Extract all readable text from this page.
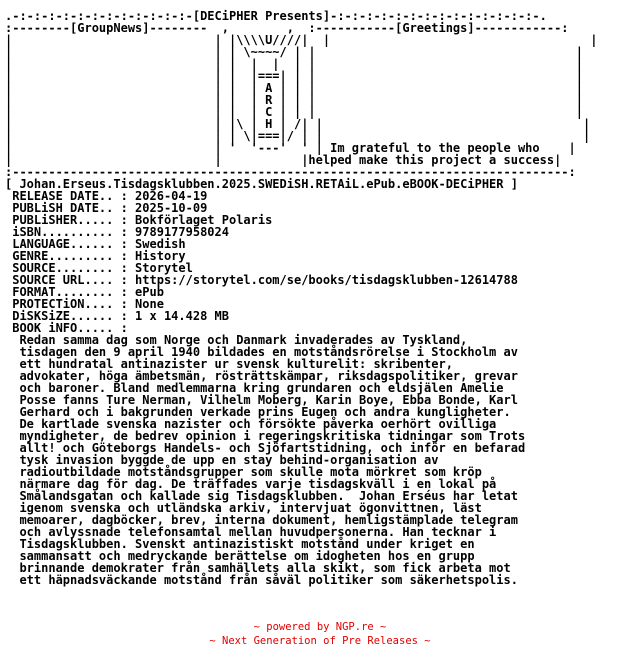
.-:-:-:-:-:-:-:-:-:-:-:-:-[DECiPHER Presents]-:-:-:-:-:-:-:-:-:-:-:-:-:-:-.
:--------[GroupNews]--------  ,        ,  :-----------[Greetings]------------:
|                            | |\\\\U////|  |                                    |
|                            | | \~~~~/ | |                                    |
|                            | |  |  |  | |                                    |
|                            | |  |===| | |                                    |
|                            | |  | A | | |                                    |
|                            | |  | R | | |                                    |
|                            | |  | C | | |                                    |
|                            | |\ | H | /| |                                    |
|                            | | \|===|/ | |                                    |
|                            | '  '---'  ' | Im grateful to the people who    |
|                            |           |helped make this project a success|
:-----------------------------------------------------------------------------:
[ Johan.Erseus.Tisdagsklubben.2025.SWEDiSH.RETAiL.ePub.eBOOK-DECiPHER ]
RELEASE DATE.. : 2026-04-19
PUBLiSH DATE.. : 2025-10-09
PUBLiSHER..... : Bokförlaget Polaris
iSBN.......... : 9789177958024
LANGUAGE...... : Swedish
GENRE......... : History
SOURCE........ : Storytel
SOURCE URL.... : https://storytel.com/se/books/tisdagsklubben-12614788
FORMAT........ : ePub
PROTECTiON.... : None
DiSKSiZE...... : 1 x 14.428 MB
BOOK iNFO..... :
Redan samma dag som Norge och Danmark invaderades av Tyskland,
tisdagen den 9 april 1940 bildades en motståndsrörelse i Stockholm av
ett hundratal antinazister ur svensk kulturelit: skribenter,
advokater, höga ämbetsmän, rösträttskämpar, riksdagspolitiker, grevar
och baroner. Bland medlemmarna kring grundaren och eldsjälen Amelie
Posse fanns Ture Nerman, Vilhelm Moberg, Karin Boye, Ebba Bonde, Karl
Gerhard och i bakgrunden verkade prins Eugen och andra kungligheter.
De kartlade svenska nazister och försökte påverka oerhört ovilliga
myndigheter, de bedrev opinion i regeringskritiska tidningar som Trots
allt! och Göteborgs Handels- och Sjöfartstidning, och inför en befarad
tysk invasion byggde de upp en stay behind-organisation av
radioutbildade motståndsgrupper som skulle mota mörkret som kröp
närmare dag för dag. De träffades varje tisdagskväll i en lokal på
Smålandsgatan och kallade sig Tisdagsklubben.  Johan Erséus har letat
igenom svenska och utländska arkiv, intervjuat ögonvittnen, läst
memoarer, dagböcker, brev, interna dokument, hemligstämplade telegram
och avlyssnade telefonsamtal mellan huvudpersonerna. Han tecknar i
Tisdagsklubben. Svenskt antinazistiskt motstånd under kriget en
sammansatt och medryckande berättelse om idogheten hos en grupp
brinnande demokrater från samhällets alla skikt, som fick arbeta mot
ett häpnadsväckande motstånd från såväl politiker som säkerhetspolis.
~ powered by NGP.re ~
~ Next Generation of Pre Releases ~
